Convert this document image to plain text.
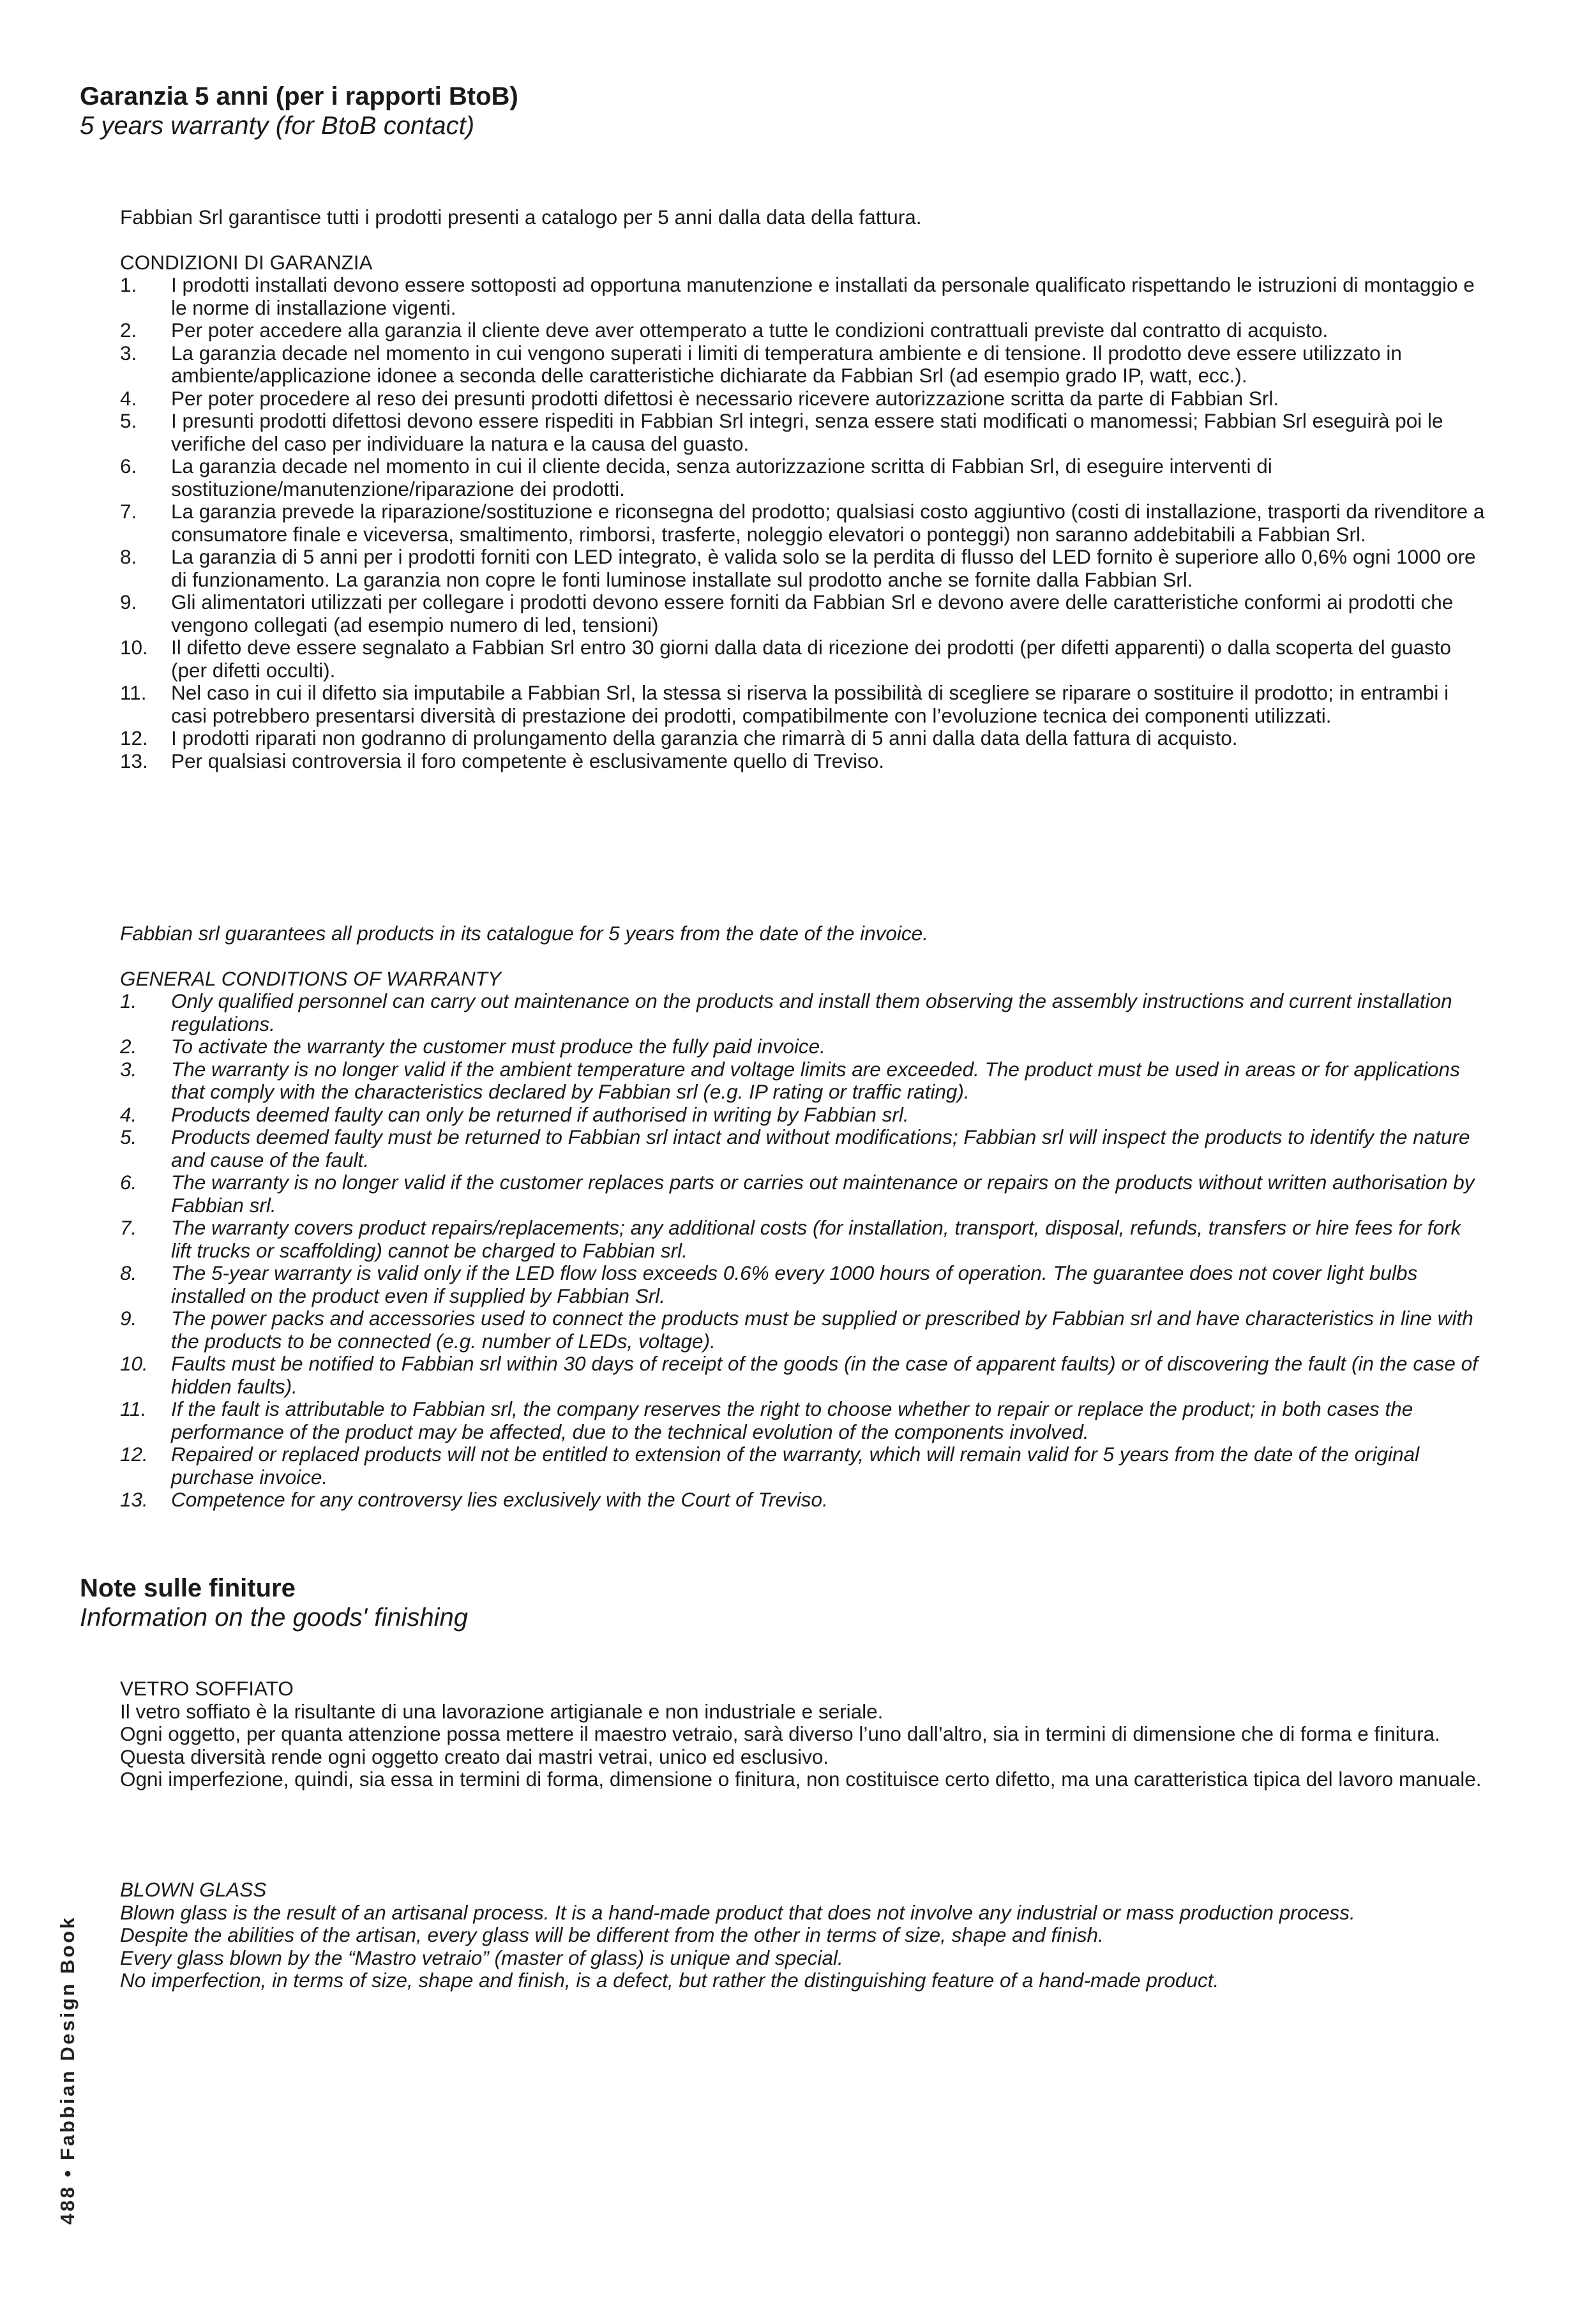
Garanzia 5 anni (per i rapporti BtoB)

5 years warranty (for BtoB contact)

Fabbian Srl garantisce tutti i prodotti presenti a catalogo per 5 anni dalla data della fattura.

CONDIZIONI DI GARANZIA

1.	I prodotti installati devono essere sottoposti ad opportuna manutenzione e installati da personale qualificato rispettando le istruzioni di montaggio e le norme di installazione vigenti.
2.	Per poter accedere alla garanzia il cliente deve aver ottemperato a tutte le condizioni contrattuali previste dal contratto di acquisto.
3.	La garanzia decade nel momento in cui vengono superati i limiti di temperatura ambiente e di tensione. Il prodotto deve essere utilizzato in ambiente/applicazione idonee a seconda delle caratteristiche dichiarate da Fabbian Srl (ad esempio grado IP, watt, ecc.).
4.	Per poter procedere al reso dei presunti prodotti difettosi è necessario ricevere autorizzazione scritta da parte di Fabbian Srl.
5.	I presunti prodotti difettosi devono essere rispediti in Fabbian Srl integri, senza essere stati modificati o manomessi; Fabbian Srl eseguirà poi le verifiche del caso per individuare la natura e la causa del guasto.
6.	La garanzia decade nel momento in cui il cliente decida, senza autorizzazione scritta di Fabbian Srl, di eseguire interventi di sostituzione/manutenzione/riparazione dei prodotti.
7.	La garanzia prevede la riparazione/sostituzione e riconsegna del prodotto; qualsiasi costo aggiuntivo (costi di installazione, trasporti da rivenditore a consumatore finale e viceversa, smaltimento, rimborsi, trasferte, noleggio elevatori o ponteggi) non saranno addebitabili a Fabbian Srl.
8.	La garanzia di 5 anni per i prodotti forniti con LED integrato, è valida solo se la perdita di flusso del LED fornito è superiore allo 0,6% ogni 1000 ore di funzionamento. La garanzia non copre le fonti luminose installate sul prodotto anche se fornite dalla Fabbian Srl.
9.	Gli alimentatori utilizzati per collegare i prodotti devono essere forniti da Fabbian Srl e devono avere delle caratteristiche conformi ai prodotti che vengono collegati (ad esempio numero di led, tensioni)
10.	Il difetto deve essere segnalato a Fabbian Srl entro 30 giorni dalla data di ricezione dei prodotti (per difetti apparenti) o dalla scoperta del guasto (per difetti occulti).
11.	Nel caso in cui il difetto sia imputabile a Fabbian Srl, la stessa si riserva la possibilità di scegliere se riparare o sostituire il prodotto; in entrambi i casi potrebbero presentarsi diversità di prestazione dei prodotti, compatibilmente con l’evoluzione tecnica dei componenti utilizzati.
12.	I prodotti riparati non godranno di prolungamento della garanzia che rimarrà di 5 anni dalla data della fattura di acquisto.
13.	Per qualsiasi controversia il foro competente è esclusivamente quello di Treviso.

Fabbian srl guarantees all products in its catalogue for 5 years from the date of the invoice.

GENERAL CONDITIONS OF WARRANTY

1.	Only qualified personnel can carry out maintenance on the products and install them observing the assembly instructions and current installation regulations.
2.	To activate the warranty the customer must produce the fully paid invoice.
3.	The warranty is no longer valid if the ambient temperature and voltage limits are exceeded. The product must be used in areas or for applications that comply with the characteristics declared by Fabbian srl (e.g. IP rating or traffic rating).
4.	Products deemed faulty can only be returned if authorised in writing by Fabbian srl.
5.	Products deemed faulty must be returned to Fabbian srl intact and without modifications; Fabbian srl will inspect the products to identify the nature and cause of the fault.
6.	The warranty is no longer valid if the customer replaces parts or carries out maintenance or repairs on the products without written authorisation by Fabbian srl.
7.	The warranty covers product repairs/replacements; any additional costs (for installation, transport, disposal, refunds, transfers or hire fees for fork lift trucks or scaffolding) cannot be charged to Fabbian srl.
8.	The 5-year warranty is valid only if the LED flow loss exceeds 0.6% every 1000 hours of operation. The guarantee does not cover light bulbs installed on the product even if supplied by Fabbian Srl.
9.	The power packs and accessories used to connect the products must be supplied or prescribed by Fabbian srl and have characteristics in line with the products to be connected (e.g. number of LEDs, voltage).
10.	Faults must be notified to Fabbian srl within 30 days of receipt of the goods (in the case of apparent faults) or of discovering the fault (in the case of hidden faults).
11.	If the fault is attributable to Fabbian srl, the company reserves the right to choose whether to repair or replace the product; in both cases the performance of the product may be affected, due to the technical evolution of the components involved.
12.	Repaired or replaced products will not be entitled to extension of the warranty, which will remain valid for 5 years from the date of the original purchase invoice.
13.	Competence for any controversy lies exclusively with the Court of Treviso.

Note sulle finiture

Information on the goods' finishing

VETRO SOFFIATO

Il vetro soffiato è la risultante di una lavorazione artigianale e non industriale e seriale.

Ogni oggetto, per quanta attenzione possa mettere il maestro vetraio, sarà diverso l’uno dall’altro, sia in termini di dimensione che di forma e finitura.

Questa diversità rende ogni oggetto creato dai mastri vetrai, unico ed esclusivo.

Ogni imperfezione, quindi, sia essa in termini di forma, dimensione o finitura, non costituisce certo difetto, ma una caratteristica tipica del lavoro manuale.

BLOWN GLASS

Blown glass is the result of an artisanal process. It is a hand-made product that does not involve any industrial or mass production process.

Despite the abilities of the artisan, every glass will be different from the other in terms of size, shape and finish.

Every glass blown by the “Mastro vetraio” (master of glass) is unique and special.

No imperfection, in terms of size, shape and finish, is a defect, but rather the distinguishing feature of a hand-made product.

488 • Fabbian Design Book
